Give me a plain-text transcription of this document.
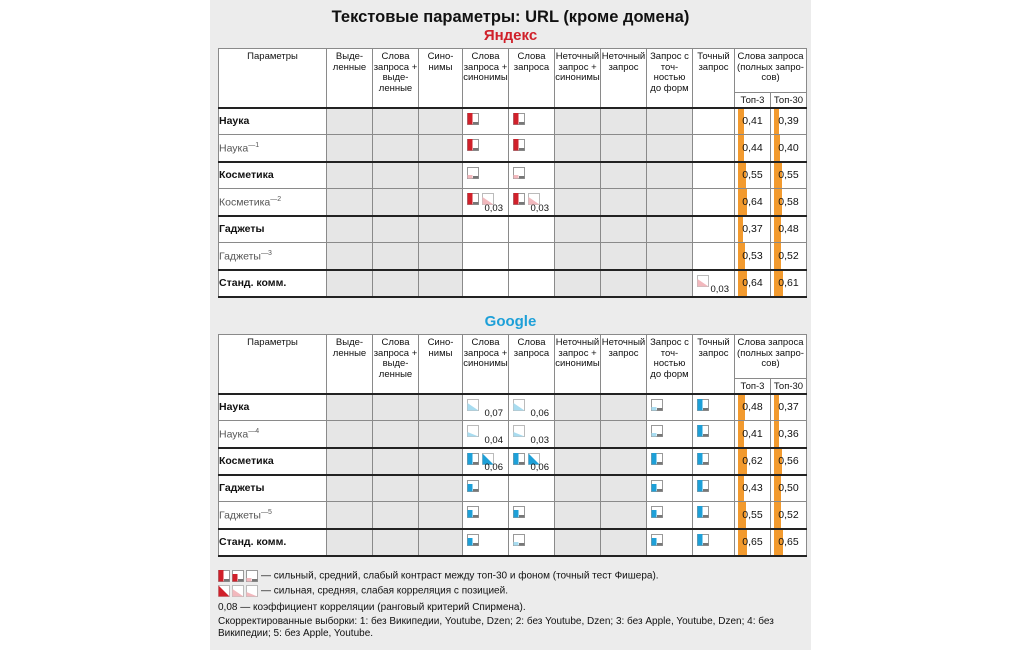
Текстовые параметры: URL (кроме домена)
Яндекс
Google
Параметры	Выделенные	Слова запроса + выделенные	Синонимы	Слова запроса + синонимы	Слова запроса	Неточный запрос + синонимы	Неточный запрос	Запрос с точностью до форм	Точный запрос	Слова запроса (полных запросов)	
										Топ-3	Топ-30
Наука										0,41	0,39
Наука$^{—1}$										0,44	0,40
Косметика										0,55	0,55
Косметика$^{—2}$				0,03	0,03					0,64	0,58
Гаджеты										0,37	0,48
Гаджеты$^{—3}$										0,53	0,52
Станд. комм.									0,03	0,64	0,61
Параметры	Выделенные	Слова запроса + выделенные	Синонимы	Слова запроса + синонимы	Слова запроса	Неточный запрос + синонимы	Неточный запрос	Запрос с точностью до форм	Точный запрос	Слова запроса (полных запросов)	
										Топ-3	Топ-30
Наука				0,07	0,06					0,48	0,37
Наука$^{—4}$				0,04	0,03					0,41	0,36
Косметика				0,06	0,06					0,62	0,56
Гаджеты										0,43	0,50
Гаджеты$^{—5}$										0,55	0,52
Станд. комм.										0,65	0,65
— сильный, средний, слабый контраст между топ-30 и фоном (точный тест Фишера).
— сильная, средняя, слабая корреляция с позицией.
0,08 — коэффициент корреляции (ранговый критерий Спирмена).
Скорректированные выборки: 1: без Википедии, Youtube, Dzen; 2: без Youtube, Dzen; 3: без Apple, Youtube, Dzen; 4: без Википедии; 5: без Apple, Youtube.
